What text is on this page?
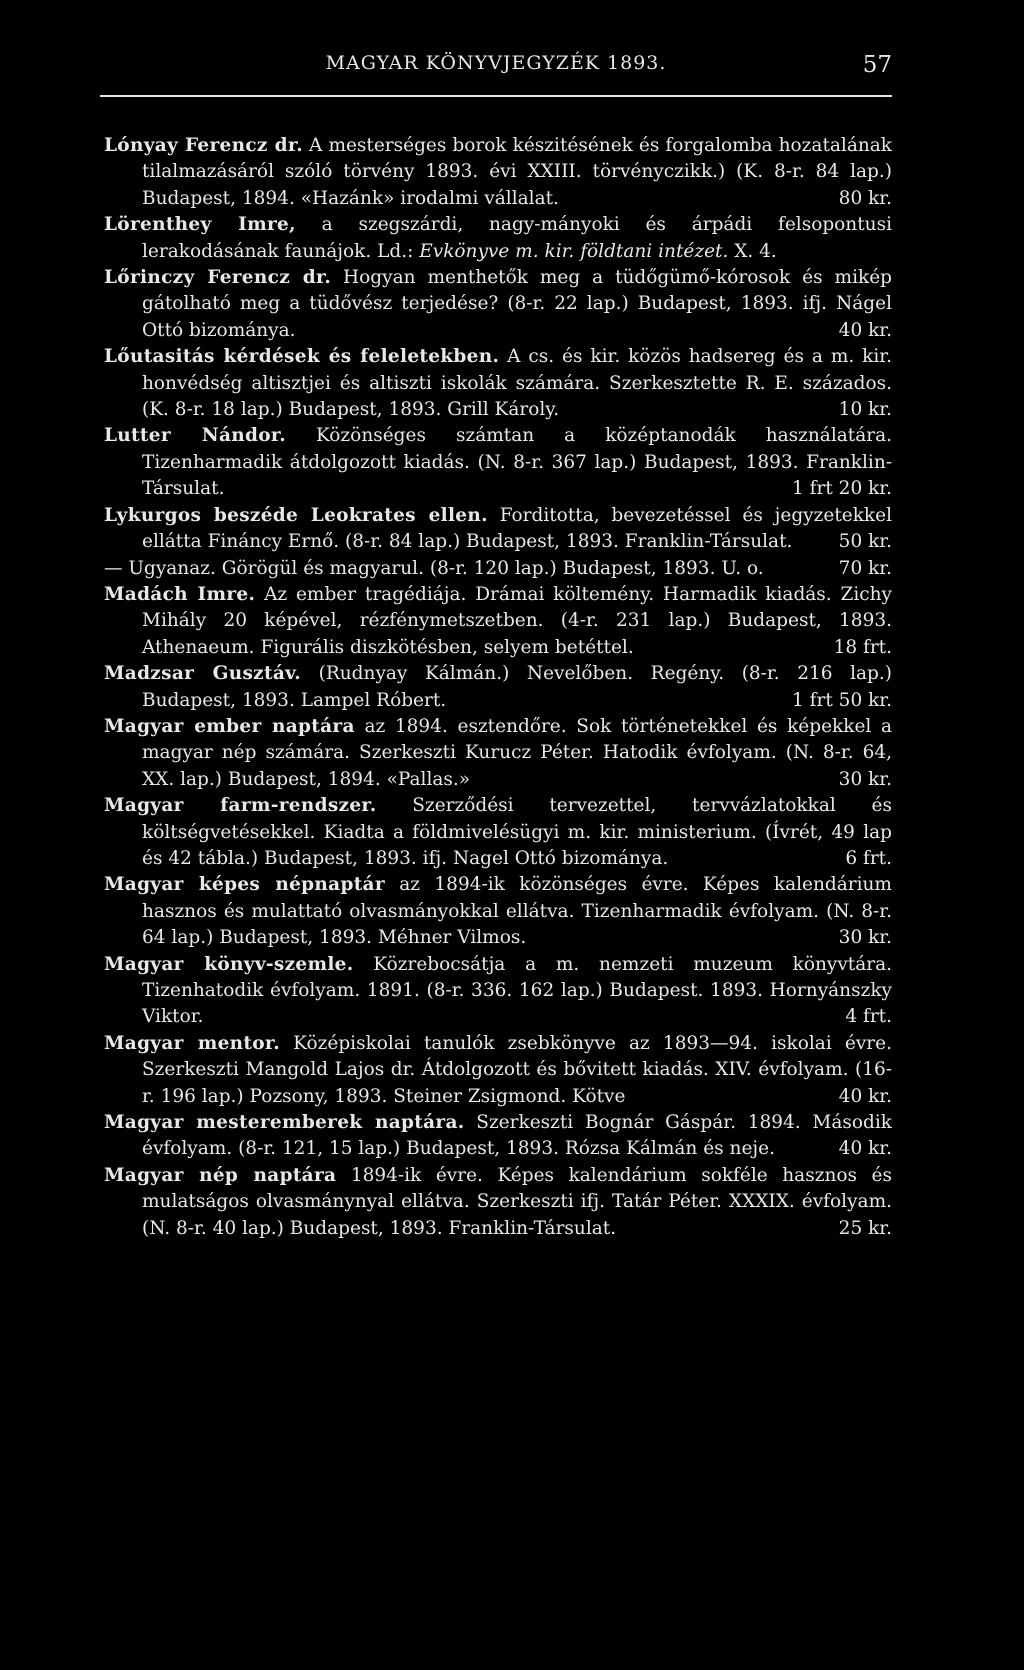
MAGYAR KÖNYVJEGYZÉK 1893.	57

Lónyay Ferencz dr. A mesterséges borok készitésének és forgalomba hozatalának tilalmazásáról szóló törvény 1893. évi XXIII. törvényczikk.) (K. 8-r. 84 lap.) Budapest, 1894. «Hazánk» irodalmi vállalat.	80 kr.

Lörenthey Imre, a szegszárdi, nagy-mányoki és árpádi felsopontusi lerakodásának faunájok. Ld.: Evkönyve m. kir. földtani intézet. X. 4.

Lőrinczy Ferencz dr. Hogyan menthetők meg a tüdőgümő-kórosok és mikép gátolható meg a tüdővész terjedése? (8-r. 22 lap.) Budapest, 1893. ifj. Nágel Ottó bizománya.	40 kr.

Lőutasitás kérdések és feleletekben. A cs. és kir. közös hadsereg és a m. kir. honvédség altisztjei és altiszti iskolák számára. Szerkesztette R. E. százados. (K. 8-r. 18 lap.) Budapest, 1893. Grill Károly.	10 kr.

Lutter Nándor. Közönséges számtan a középtanodák használatára. Tizenharmadik átdolgozott kiadás. (N. 8-r. 367 lap.) Budapest, 1893. Franklin-Társulat.	1 frt 20 kr.

Lykurgos beszéde Leokrates ellen. Forditotta, bevezetéssel és jegyzetekkel ellátta Fináncy Ernő. (8-r. 84 lap.) Budapest, 1893. Franklin-Társulat.	50 kr.

— Ugyanaz. Görögül és magyarul. (8-r. 120 lap.) Budapest, 1893. U. o.	70 kr.

Madách Imre. Az ember tragédiája. Drámai költemény. Harmadik kiadás. Zichy Mihály 20 képével, rézfénymetszetben. (4-r. 231 lap.) Budapest, 1893. Athenaeum. Figurális diszkötésben, selyem betéttel.	18 frt.

Madzsar Gusztáv. (Rudnyay Kálmán.) Nevelőben. Regény. (8-r. 216 lap.) Budapest, 1893. Lampel Róbert.	1 frt 50 kr.

Magyar ember naptára az 1894. esztendőre. Sok történetekkel és képekkel a magyar nép számára. Szerkeszti Kurucz Péter. Hatodik évfolyam. (N. 8-r. 64, XX. lap.) Budapest, 1894. «Pallas.»	30 kr.

Magyar farm-rendszer. Szerződési tervezettel, tervvázlatokkal és költségvetésekkel. Kiadta a földmivelésügyi m. kir. ministerium. (Ívrét, 49 lap és 42 tábla.) Budapest, 1893. ifj. Nagel Ottó bizománya.	6 frt.

Magyar képes népnaptár az 1894-ik közönséges évre. Képes kalendárium hasznos és mulattató olvasmányokkal ellátva. Tizenharmadik évfolyam. (N. 8-r. 64 lap.) Budapest, 1893. Méhner Vilmos.	30 kr.

Magyar könyv-szemle. Közrebocsátja a m. nemzeti muzeum könyvtára. Tizenhatodik évfolyam. 1891. (8-r. 336. 162 lap.) Budapest. 1893. Hornyánszky Viktor.	4 frt.

Magyar mentor. Középiskolai tanulók zsebkönyve az 1893—94. iskolai évre. Szerkeszti Mangold Lajos dr. Átdolgozott és bővitett kiadás. XIV. évfolyam. (16-r. 196 lap.) Pozsony, 1893. Steiner Zsigmond. Kötve	40 kr.

Magyar mesteremberek naptára. Szerkeszti Bognár Gáspár. 1894. Második évfolyam. (8-r. 121, 15 lap.) Budapest, 1893. Rózsa Kálmán és neje.	40 kr.

Magyar nép naptára 1894-ik évre. Képes kalendárium sokféle hasznos és mulatságos olvasmánynyal ellátva. Szerkeszti ifj. Tatár Péter. XXXIX. évfolyam. (N. 8-r. 40 lap.) Budapest, 1893. Franklin-Társulat.	25 kr.
